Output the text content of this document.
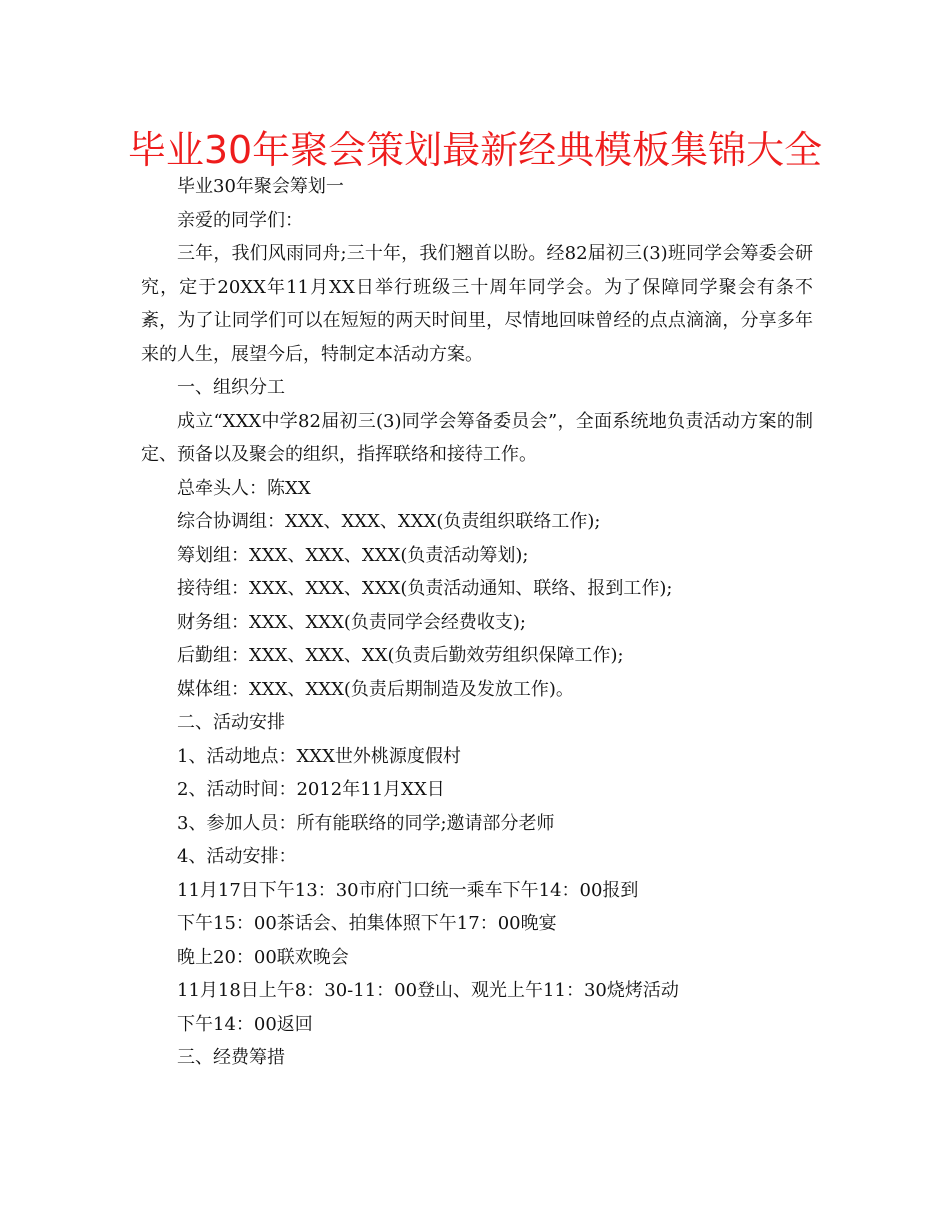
毕业30年聚会策划最新经典模板集锦大全

毕业30年聚会筹划一

亲爱的同学们：

三年，我们风雨同舟;三十年，我们翘首以盼。经82届初三(3)班同学会筹委会研究，定于20XX年11月XX日举行班级三十周年同学会。为了保障同学聚会有条不紊，为了让同学们可以在短短的两天时间里，尽情地回味曾经的点点滴滴，分享多年来的人生，展望今后，特制定本活动方案。

一、组织分工

成立“XXX中学82届初三(3)同学会筹备委员会”，全面系统地负责活动方案的制定、预备以及聚会的组织，指挥联络和接待工作。

总牵头人：陈XX

综合协调组：XXX、XXX、XXX(负责组织联络工作);

筹划组：XXX、XXX、XXX(负责活动筹划);

接待组：XXX、XXX、XXX(负责活动通知、联络、报到工作);

财务组：XXX、XXX(负责同学会经费收支);

后勤组：XXX、XXX、XX(负责后勤效劳组织保障工作);

媒体组：XXX、XXX(负责后期制造及发放工作)。

二、活动安排

1、活动地点：XXX世外桃源度假村

2、活动时间：2012年11月XX日

3、参加人员：所有能联络的同学;邀请部分老师

4、活动安排：

11月17日下午13：30市府门口统一乘车下午14：00报到

下午15：00茶话会、拍集体照下午17：00晚宴

晚上20：00联欢晚会

11月18日上午8：30-11：00登山、观光上午11：30烧烤活动

下午14：00返回

三、经费筹措
